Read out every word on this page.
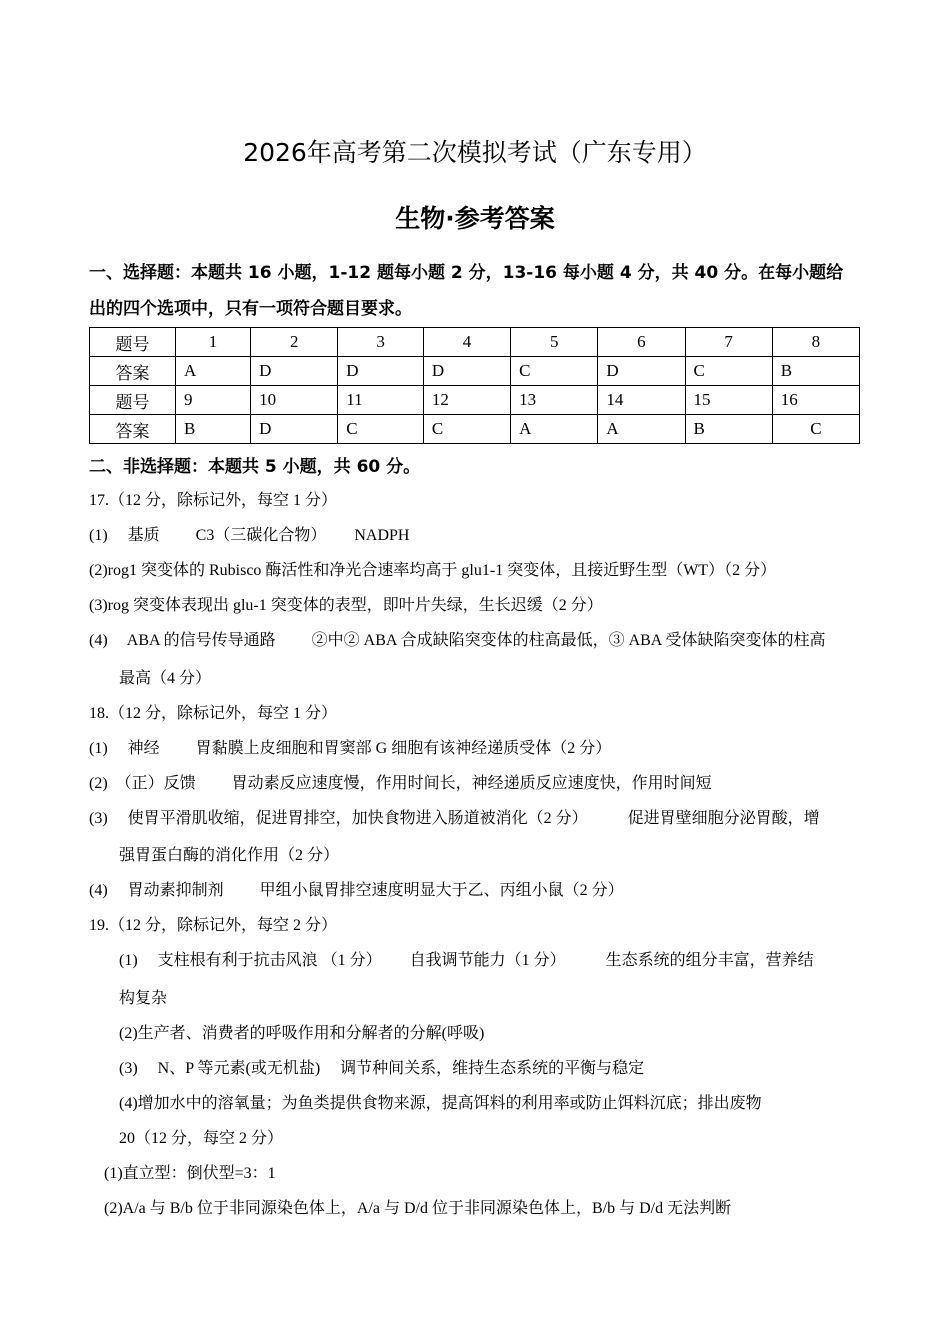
2026年高考第二次模拟考试（广东专用）
生物·参考答案
一、选择题：本题共 16 小题，1-12 题每小题 2 分，13-16 每小题 4 分，共 40 分。在每小题给
出的四个选项中，只有一项符合题目要求。
题号	1	2	3	4	5	6	7	8
答案	A	D	D	D	C	D	C	B
题号	9	10	11	12	13	14	15	16
答案	B	D	C	C	A	A	B	C
二、非选择题：本题共 5 小题，共 60 分。
17.（12 分，除标记外，每空 1 分）
(1)　 基质　　 C3（三碳化合物）　　 NADPH
(2)rog1 突变体的 Rubisco 酶活性和净光合速率均高于 glu1-1 突变体，且接近野生型（WT）（2 分）
(3)rog 突变体表现出 glu-1 突变体的表型，即叶片失绿，生长迟缓（2 分）
(4)　 ABA 的信号传导通路　　 ②中② ABA 合成缺陷突变体的柱高最低，③ ABA 受体缺陷突变体的柱高
最高（4 分）
18.（12 分，除标记外，每空 1 分）
(1)　 神经　　 胃黏膜上皮细胞和胃窦部 G 细胞有该神经递质受体（2 分）
(2)　（正）反馈　　 胃动素反应速度慢，作用时间长，神经递质反应速度快，作用时间短
(3)　 使胃平滑肌收缩，促进胃排空，加快食物进入肠道被消化（2 分）　　　促进胃壁细胞分泌胃酸，增
强胃蛋白酶的消化作用（2 分）
(4)　 胃动素抑制剂　　 甲组小鼠胃排空速度明显大于乙、丙组小鼠（2 分）
19.（12 分，除标记外，每空 2 分）
(1)　 支柱根有利于抗击风浪 （1 分）　　 自我调节能力（1 分）　　　生态系统的组分丰富，营养结
构复杂
(2)生产者、消费者的呼吸作用和分解者的分解(呼吸)
(3)　 N、P 等元素(或无机盐)　 调节种间关系，维持生态系统的平衡与稳定
(4)增加水中的溶氧量；为鱼类提供食物来源，提高饵料的利用率或防止饵料沉底；排出废物
20（12 分，每空 2 分）
(1)直立型：倒伏型=3：1
(2)A/a 与 B/b 位于非同源染色体上，A/a 与 D/d 位于非同源染色体上，B/b 与 D/d 无法判断
